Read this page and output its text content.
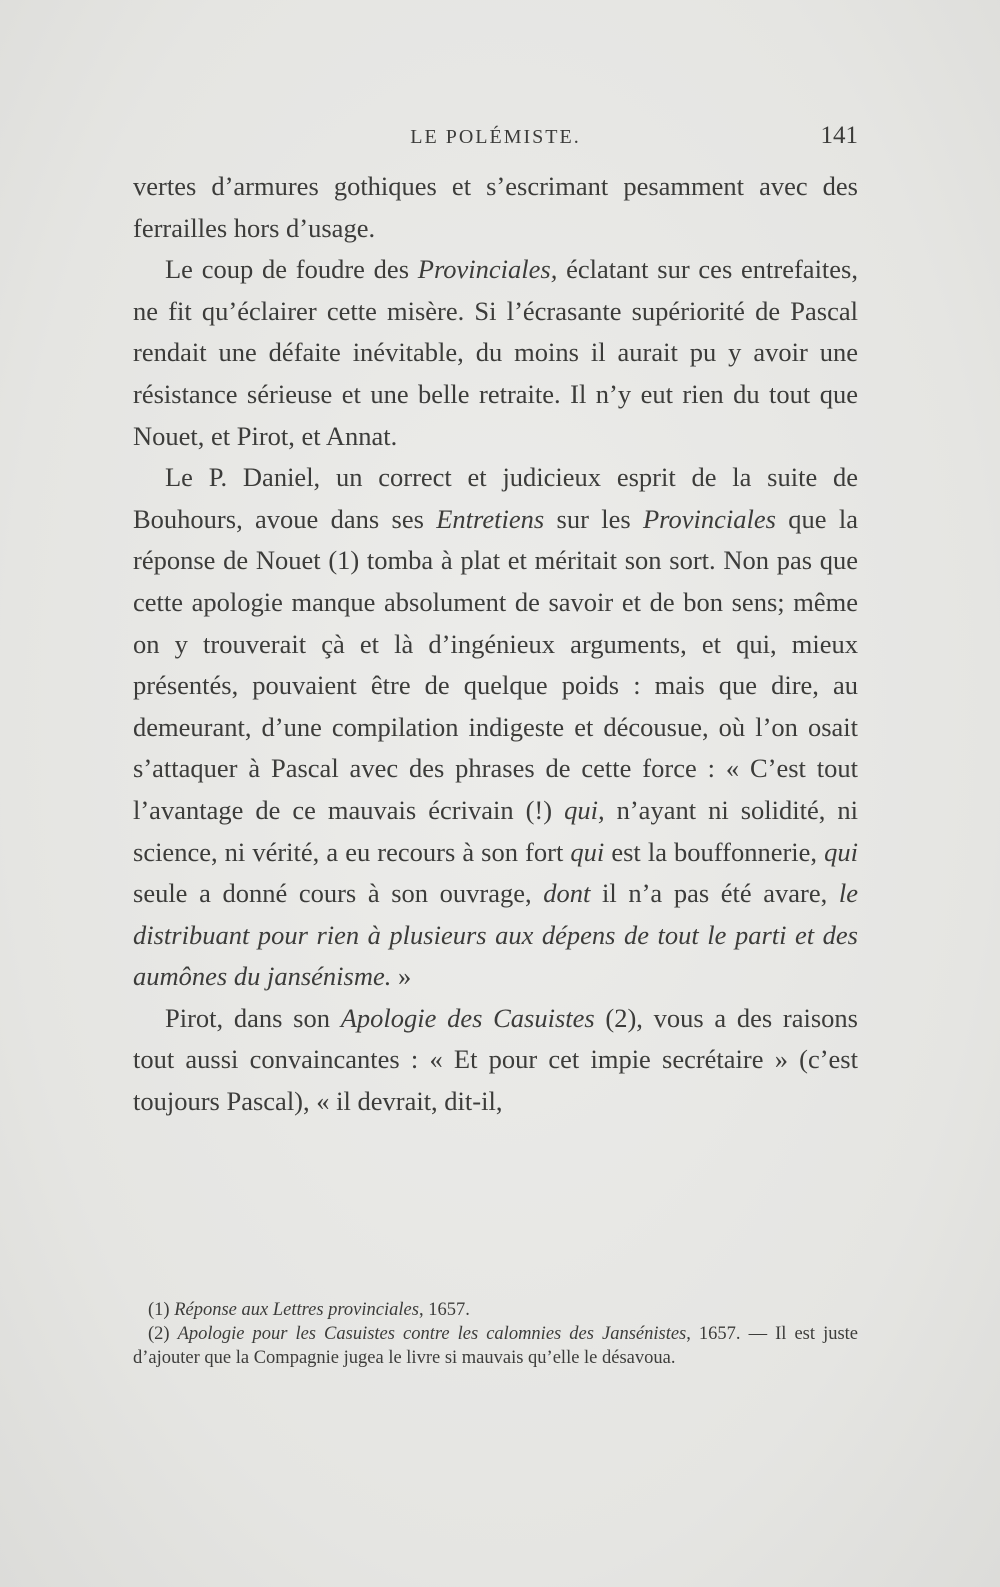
LE POLÉMISTE.	141

vertes d’armures gothiques et s’escrimant pesamment avec des ferrailles hors d’usage.

Le coup de foudre des Provinciales, éclatant sur ces entrefaites, ne fit qu’éclairer cette misère. Si l’écrasante supériorité de Pascal rendait une défaite inévitable, du moins il aurait pu y avoir une résistance sérieuse et une belle retraite. Il n’y eut rien du tout que Nouet, et Pirot, et Annat.

Le P. Daniel, un correct et judicieux esprit de la suite de Bouhours, avoue dans ses Entretiens sur les Provinciales que la réponse de Nouet (1) tomba à plat et méritait son sort. Non pas que cette apologie manque absolument de savoir et de bon sens; même on y trouverait çà et là d’ingénieux arguments, et qui, mieux présentés, pouvaient être de quelque poids : mais que dire, au demeurant, d’une compilation indigeste et décousue, où l’on osait s’attaquer à Pascal avec des phrases de cette force : « C’est tout l’avantage de ce mauvais écrivain (!) qui, n’ayant ni solidité, ni science, ni vérité, a eu recours à son fort qui est la bouffonnerie, qui seule a donné cours à son ouvrage, dont il n’a pas été avare, le distribuant pour rien à plusieurs aux dépens de tout le parti et des aumônes du jansénisme. »

Pirot, dans son Apologie des Casuistes (2), vous a des raisons tout aussi convaincantes : « Et pour cet impie secrétaire » (c’est toujours Pascal), « il devrait, dit-il,

(1) Réponse aux Lettres provinciales, 1657.

(2) Apologie pour les Casuistes contre les calomnies des Jansénistes, 1657. — Il est juste d’ajouter que la Compagnie jugea le livre si mauvais qu’elle le désavoua.
